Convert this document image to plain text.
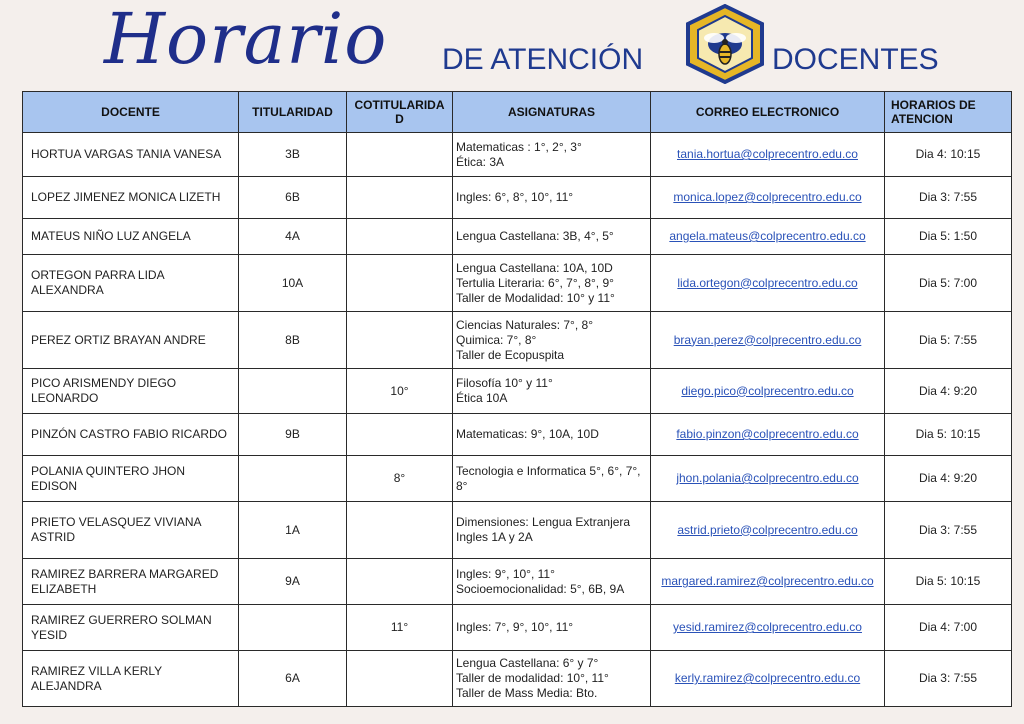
Horario DE ATENCIÓN	DOCENTES
DOCENTE	TITULARIDAD	COTITULARIDAD	ASIGNATURAS	CORREO ELECTRONICO	HORARIOS DE ATENCION
HORTUA VARGAS TANIA VANESA	3B		Matematicas : 1°, 2°, 3°
Ética: 3A	tania.hortua@colprecentro.edu.co	Dia 4: 10:15
LOPEZ JIMENEZ MONICA LIZETH	6B		Ingles: 6°, 8°, 10°, 11°	monica.lopez@colprecentro.edu.co	Dia 3: 7:55
MATEUS NIÑO LUZ ANGELA	4A		Lengua Castellana: 3B, 4°, 5°	angela.mateus@colprecentro.edu.co	Dia 5: 1:50
ORTEGON PARRA LIDA ALEXANDRA	10A		Lengua Castellana: 10A, 10D
Tertulia Literaria: 6°, 7°, 8°, 9°
Taller de Modalidad: 10° y 11°	lida.ortegon@colprecentro.edu.co	Dia 5: 7:00
PEREZ ORTIZ BRAYAN ANDRE	8B		Ciencias Naturales: 7°, 8°
Quimica: 7°, 8°
Taller de Ecopuspita	brayan.perez@colprecentro.edu.co	Dia 5: 7:55
PICO ARISMENDY DIEGO LEONARDO		10°	Filosofía 10° y 11°
Ética 10A	diego.pico@colprecentro.edu.co	Dia 4: 9:20
PINZÓN CASTRO FABIO RICARDO	9B		Matematicas: 9°, 10A, 10D	fabio.pinzon@colprecentro.edu.co	Dia 5: 10:15
POLANIA QUINTERO JHON EDISON		8°	Tecnologia e Informatica 5°, 6°, 7°, 8°	jhon.polania@colprecentro.edu.co	Dia 4: 9:20
PRIETO VELASQUEZ VIVIANA ASTRID	1A		Dimensiones: Lengua Extranjera
Ingles 1A y 2A	astrid.prieto@colprecentro.edu.co	Dia 3: 7:55
RAMIREZ BARRERA MARGARED ELIZABETH	9A		Ingles: 9°, 10°, 11°
Socioemocionalidad: 5°, 6B, 9A	margared.ramirez@colprecentro.edu.co	Dia 5: 10:15
RAMIREZ GUERRERO SOLMAN YESID		11°	Ingles: 7°, 9°, 10°, 11°	yesid.ramirez@colprecentro.edu.co	Dia 4: 7:00
RAMIREZ VILLA KERLY ALEJANDRA	6A		Lengua Castellana: 6° y 7°
Taller de modalidad: 10°, 11°
Taller de Mass Media: Bto.	kerly.ramirez@colprecentro.edu.co	Dia 3: 7:55
